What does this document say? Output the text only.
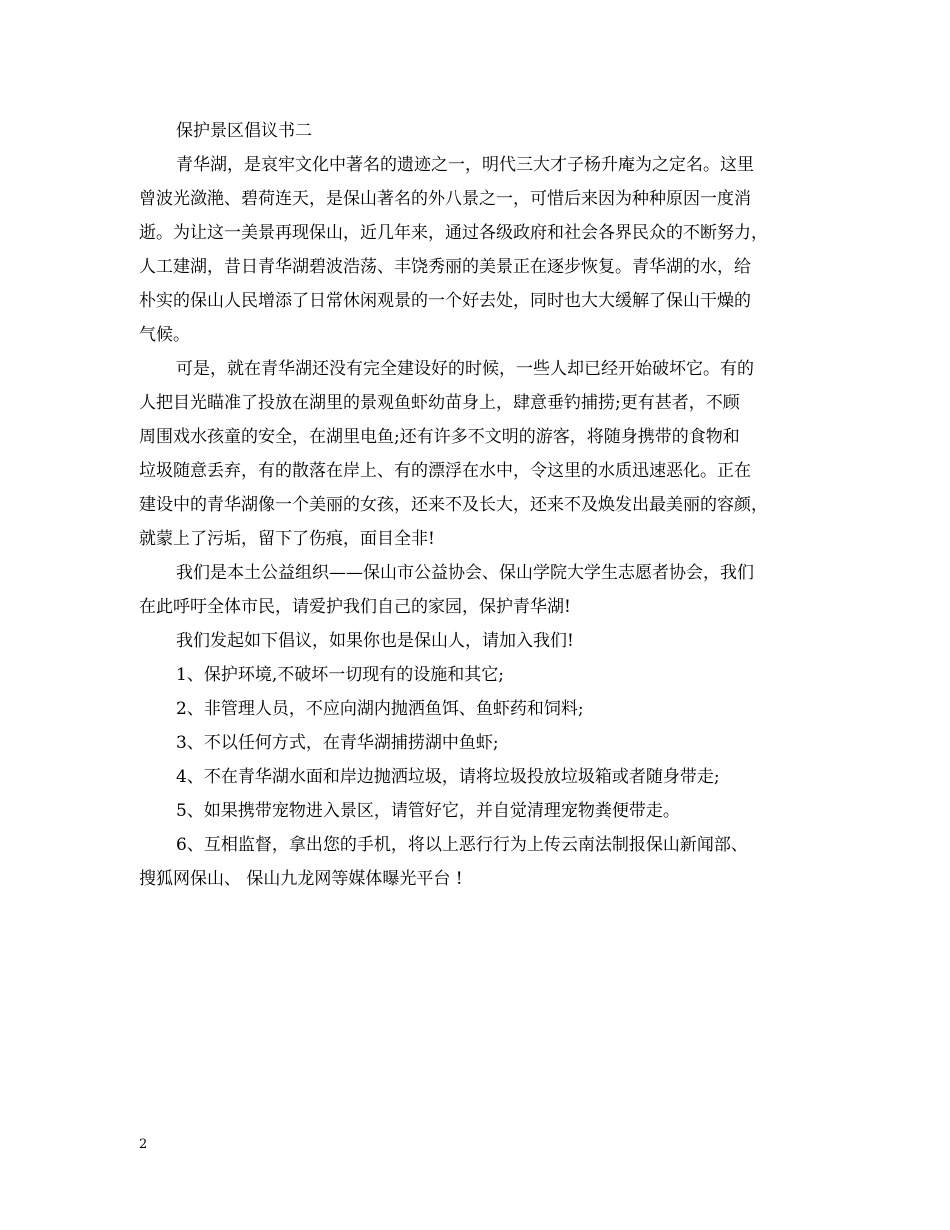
保护景区倡议书二
青华湖，是哀牢文化中著名的遗迹之一，明代三大才子杨升庵为之定名。这里
曾波光潋滟、碧荷连天，是保山著名的外八景之一，可惜后来因为种种原因一度消
逝。为让这一美景再现保山，近几年来，通过各级政府和社会各界民众的不断努力，
人工建湖，昔日青华湖碧波浩荡、丰饶秀丽的美景正在逐步恢复。青华湖的水，给
朴实的保山人民增添了日常休闲观景的一个好去处，同时也大大缓解了保山干燥的
气候。
可是，就在青华湖还没有完全建设好的时候，一些人却已经开始破坏它。有的
人把目光瞄准了投放在湖里的景观鱼虾幼苗身上，肆意垂钓捕捞;更有甚者，不顾
周围戏水孩童的安全，在湖里电鱼;还有许多不文明的游客，将随身携带的食物和
垃圾随意丢弃，有的散落在岸上、有的漂浮在水中，令这里的水质迅速恶化。正在
建设中的青华湖像一个美丽的女孩，还来不及长大，还来不及焕发出最美丽的容颜，
就蒙上了污垢，留下了伤痕，面目全非!
我们是本土公益组织——保山市公益协会、保山学院大学生志愿者协会，我们
在此呼吁全体市民，请爱护我们自己的家园，保护青华湖!
我们发起如下倡议，如果你也是保山人，请加入我们!
1、保护环境,不破坏一切现有的设施和其它;
2、非管理人员，不应向湖内抛洒鱼饵、鱼虾药和饲料;
3、不以任何方式，在青华湖捕捞湖中鱼虾;
4、不在青华湖水面和岸边抛洒垃圾，请将垃圾投放垃圾箱或者随身带走;
5、如果携带宠物进入景区，请管好它，并自觉清理宠物粪便带走。
6、互相监督，拿出您的手机，将以上恶行行为上传云南法制报保山新闻部、
搜狐网保山、 保山九龙网等媒体曝光平台 !
2
